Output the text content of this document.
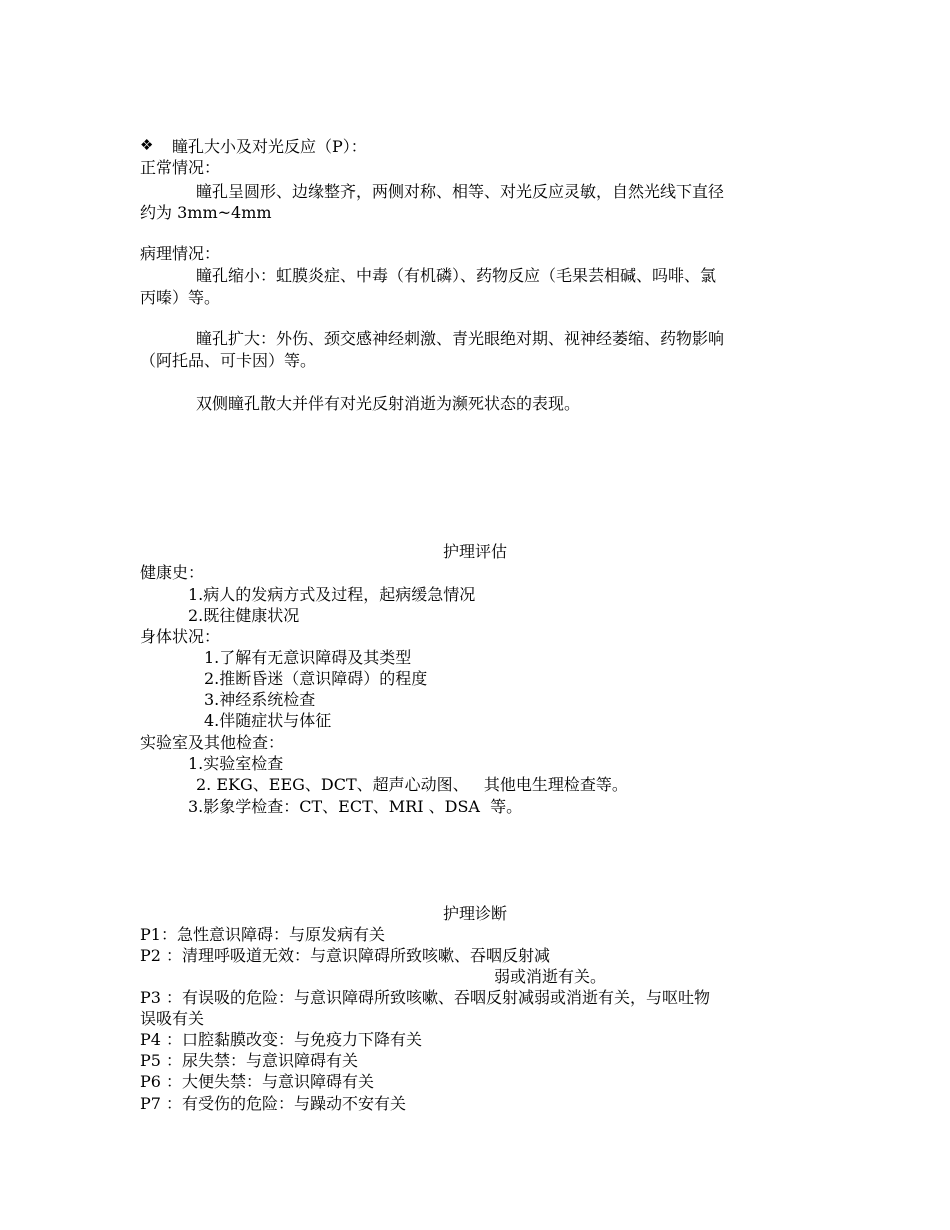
❖ 瞳孔大小及对光反应（P）：
正常情况：
瞳孔呈圆形、边缘整齐，两侧对称、相等、对光反应灵敏，自然光线下直径
约为 3mm~4mm
病理情况：
瞳孔缩小：虹膜炎症、中毒（有机磷）、药物反应（毛果芸相碱、吗啡、氯
丙嗪）等。
瞳孔扩大：外伤、颈交感神经刺激、青光眼绝对期、视神经萎缩、药物影响
（阿托品、可卡因）等。
双侧瞳孔散大并伴有对光反射消逝为濒死状态的表现。
护理评估
健康史：
1.病人的发病方式及过程，起病缓急情况
2.既往健康状况
身体状况：
1.了解有无意识障碍及其类型
2.推断昏迷（意识障碍）的程度
3.神经系统检查
4.伴随症状与体征
实验室及其他检查：
1.实验室检查
2. EKG、EEG、DCT、超声心动图、   其他电生理检查等。
3.影象学检查：CT、ECT、MRI 、DSA  等。
护理诊断
P1：急性意识障碍：与原发病有关
P2 ：清理呼吸道无效：与意识障碍所致咳嗽、吞咽反射减
弱或消逝有关。
P3 ：有误吸的危险：与意识障碍所致咳嗽、吞咽反射减弱或消逝有关，与呕吐物
误吸有关
P4 ：口腔黏膜改变：与免疫力下降有关
P5 ：尿失禁：与意识障碍有关
P6 ：大便失禁：与意识障碍有关
P7 ：有受伤的危险：与躁动不安有关
